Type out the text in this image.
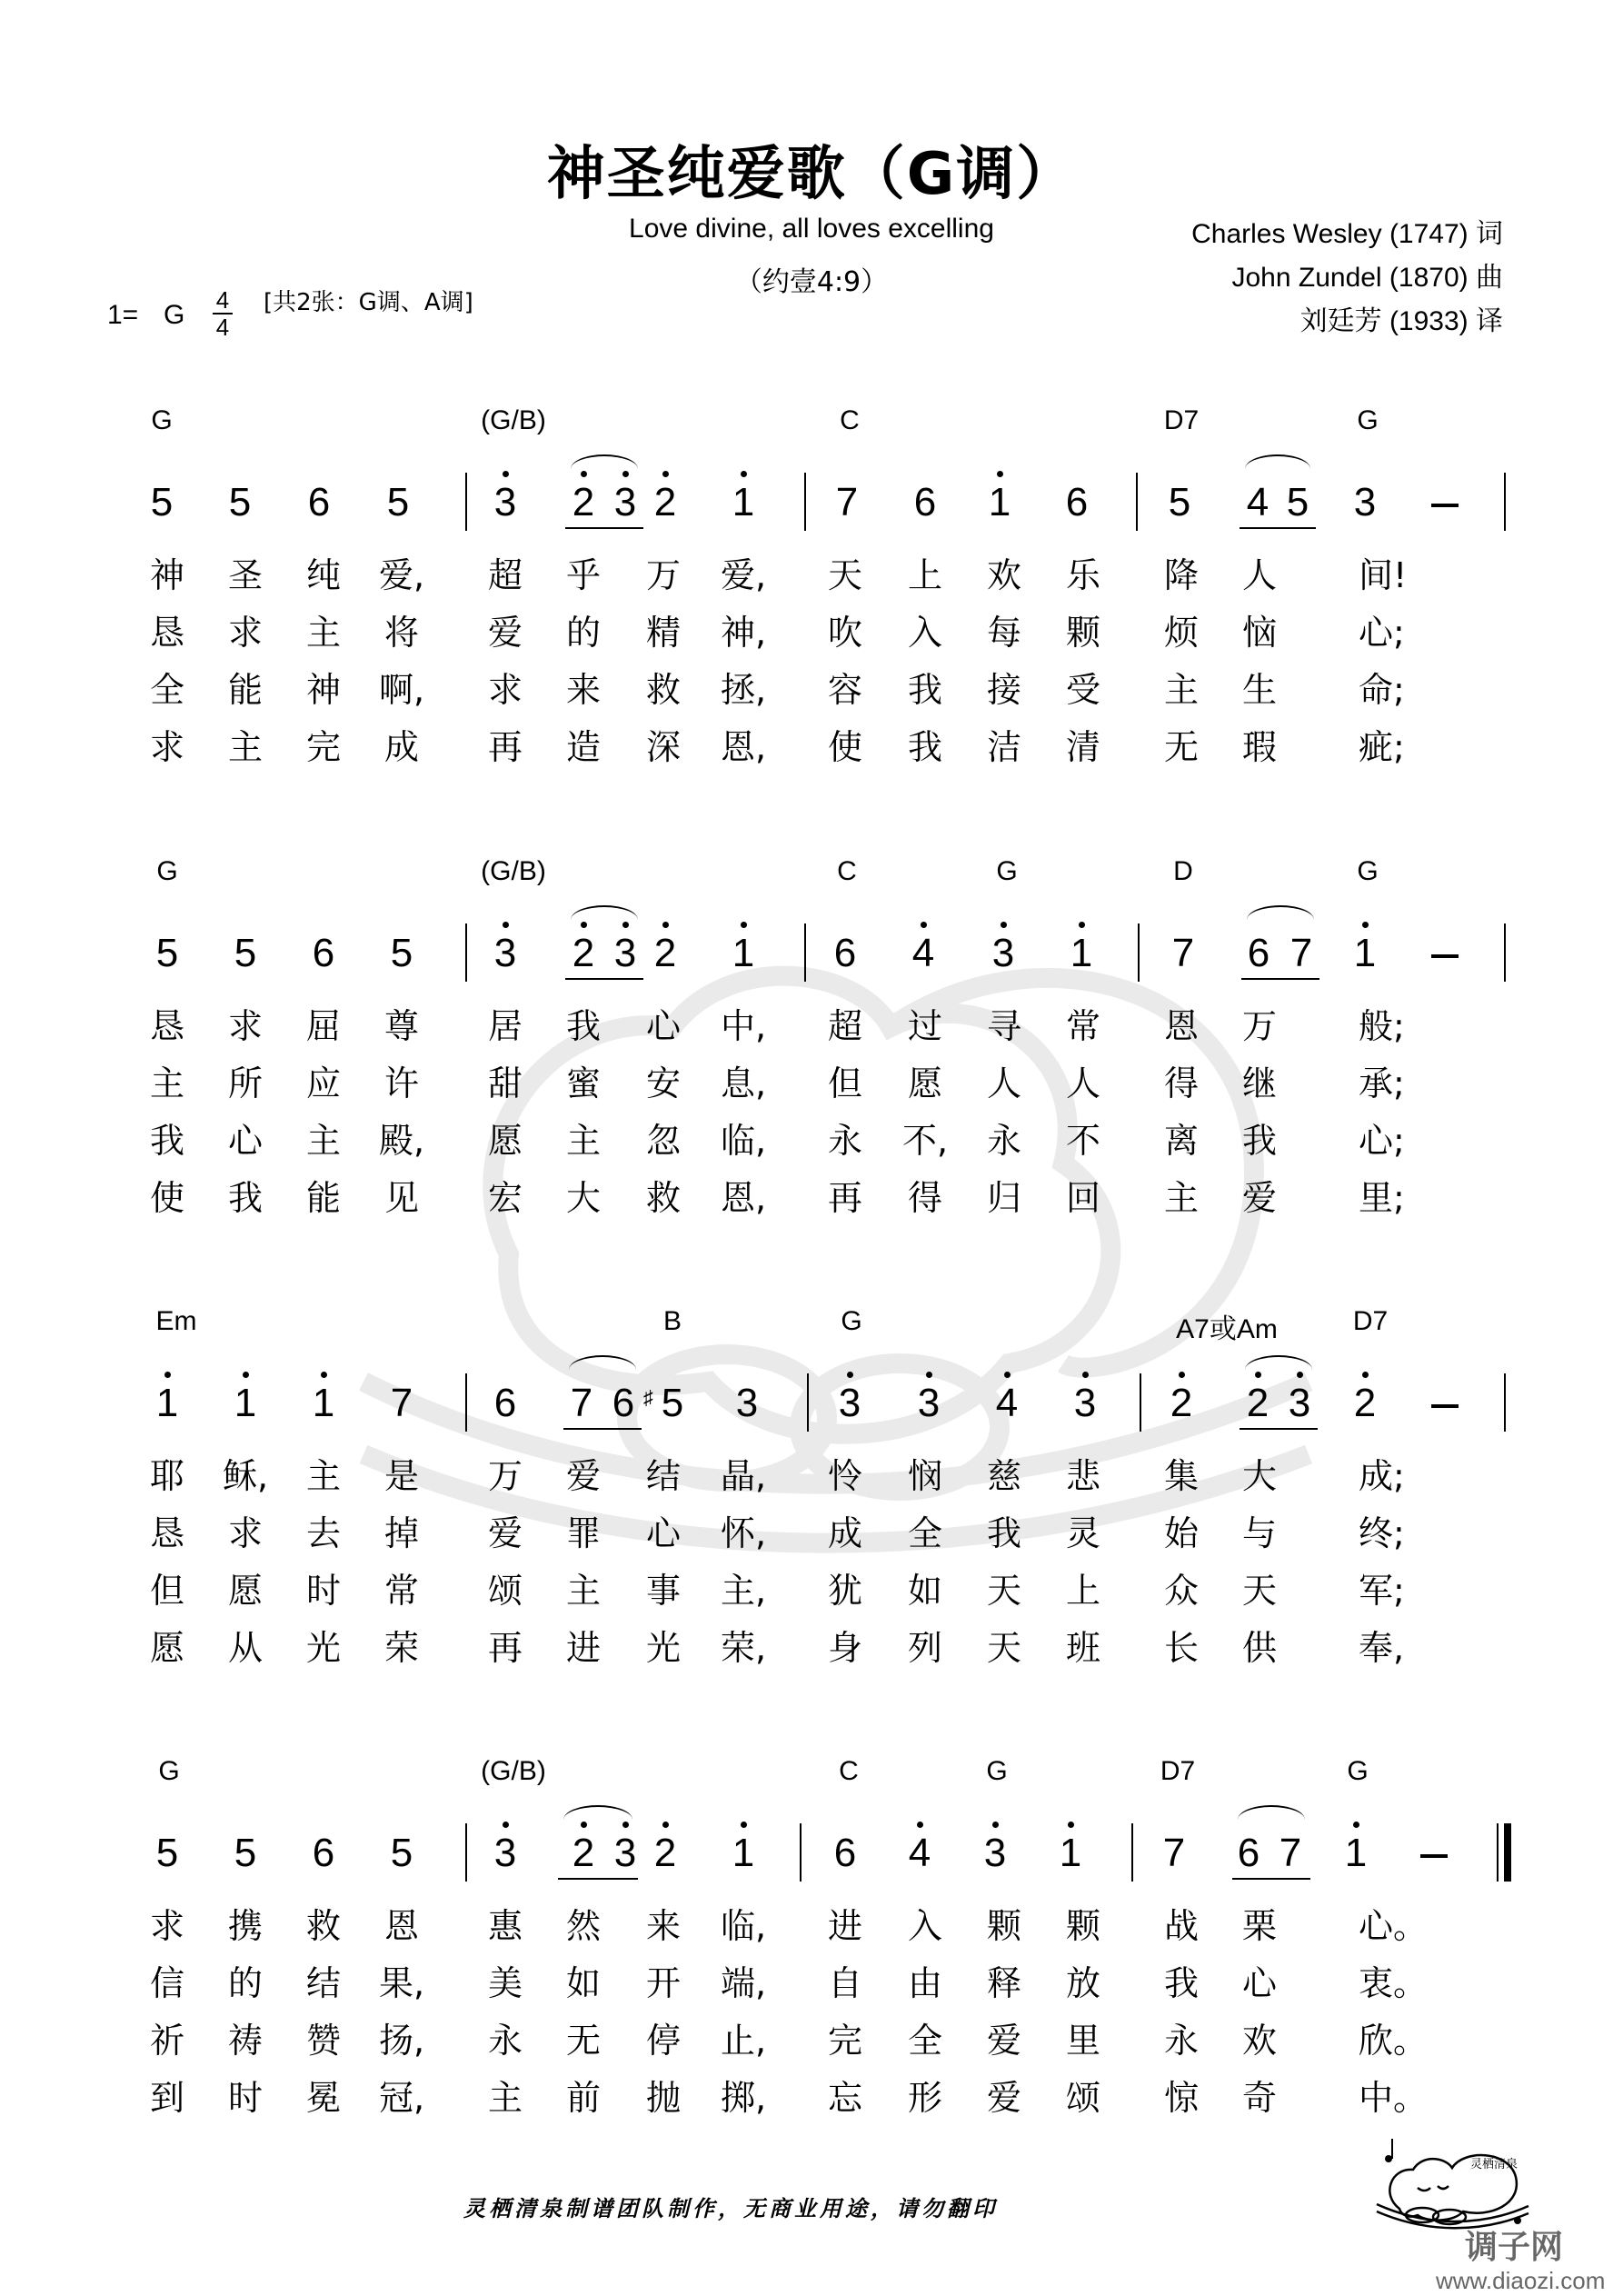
神圣纯爱歌（G调）
Love divine, all loves excelling
（约壹4:9）
Charles Wesley (1747) 词
John Zundel (1870) 曲
刘廷芳 (1933) 译
1= G 4
4
[共2张：G调、A调]
G	(G/B)	C	D7	G
5 5 6 5 3 2 3 2 1 7 6 1 6 5 4 5 3
神 圣 纯 爱, 超 乎 万 爱, 天 上 欢 乐 降 人 间!
恳 求 主 将 爱 的 精 神, 吹 入 每 颗 烦 恼 心;
全 能 神 啊, 求 来 救 拯, 容 我 接 受 主 生 命;
求 主 完 成 再 造 深 恩, 使 我 洁 清 无 瑕 疵;
G	(G/B)	C	G	D	G
5 5 6 5 3 2 3 2 1 6 4 3 1 7 6 7 1
恳 求 屈 尊 居 我 心 中, 超 过 寻 常 恩 万 般;
主 所 应 许 甜 蜜 安 息, 但 愿 人 人 得 继 承;
我 心 主 殿, 愿 主 忽 临, 永 不, 永 不 离 我 心;
使 我 能 见 宏 大 救 恩, 再 得 归 回 主 爱 里;
Em	B	G	A7或Am	D7
1 1 1 7 6 7 6 5
♯ 3 3 3 4 3 2 2 3 2
耶 稣, 主 是 万 爱 结 晶, 怜 悯 慈 悲 集 大 成;
恳 求 去 掉 爱 罪 心 怀, 成 全 我 灵 始 与 终;
但 愿 时 常 颂 主 事 主, 犹 如 天 上 众 天 军;
愿 从 光 荣 再 进 光 荣, 身 列 天 班 长 供 奉,
G	(G/B)	C	G	D7	G
5 5 6 5 3 2 3 2 1 6 4 3 1 7 6 7 1
求 携 救 恩 惠 然 来 临, 进 入 颗 颗 战 栗 心。
信 的 结 果, 美 如 开 端, 自 由 释 放 我 心 衷。
祈 祷 赞 扬, 永 无 停 止, 完 全 爱 里 永 欢 欣。
到 时 冕 冠, 主 前 抛 掷, 忘 形 爱 颂 惊 奇 中。
灵栖清泉制谱团队制作，无商业用途，请勿翻印
灵栖清泉
调子网
www.diaozi.com
